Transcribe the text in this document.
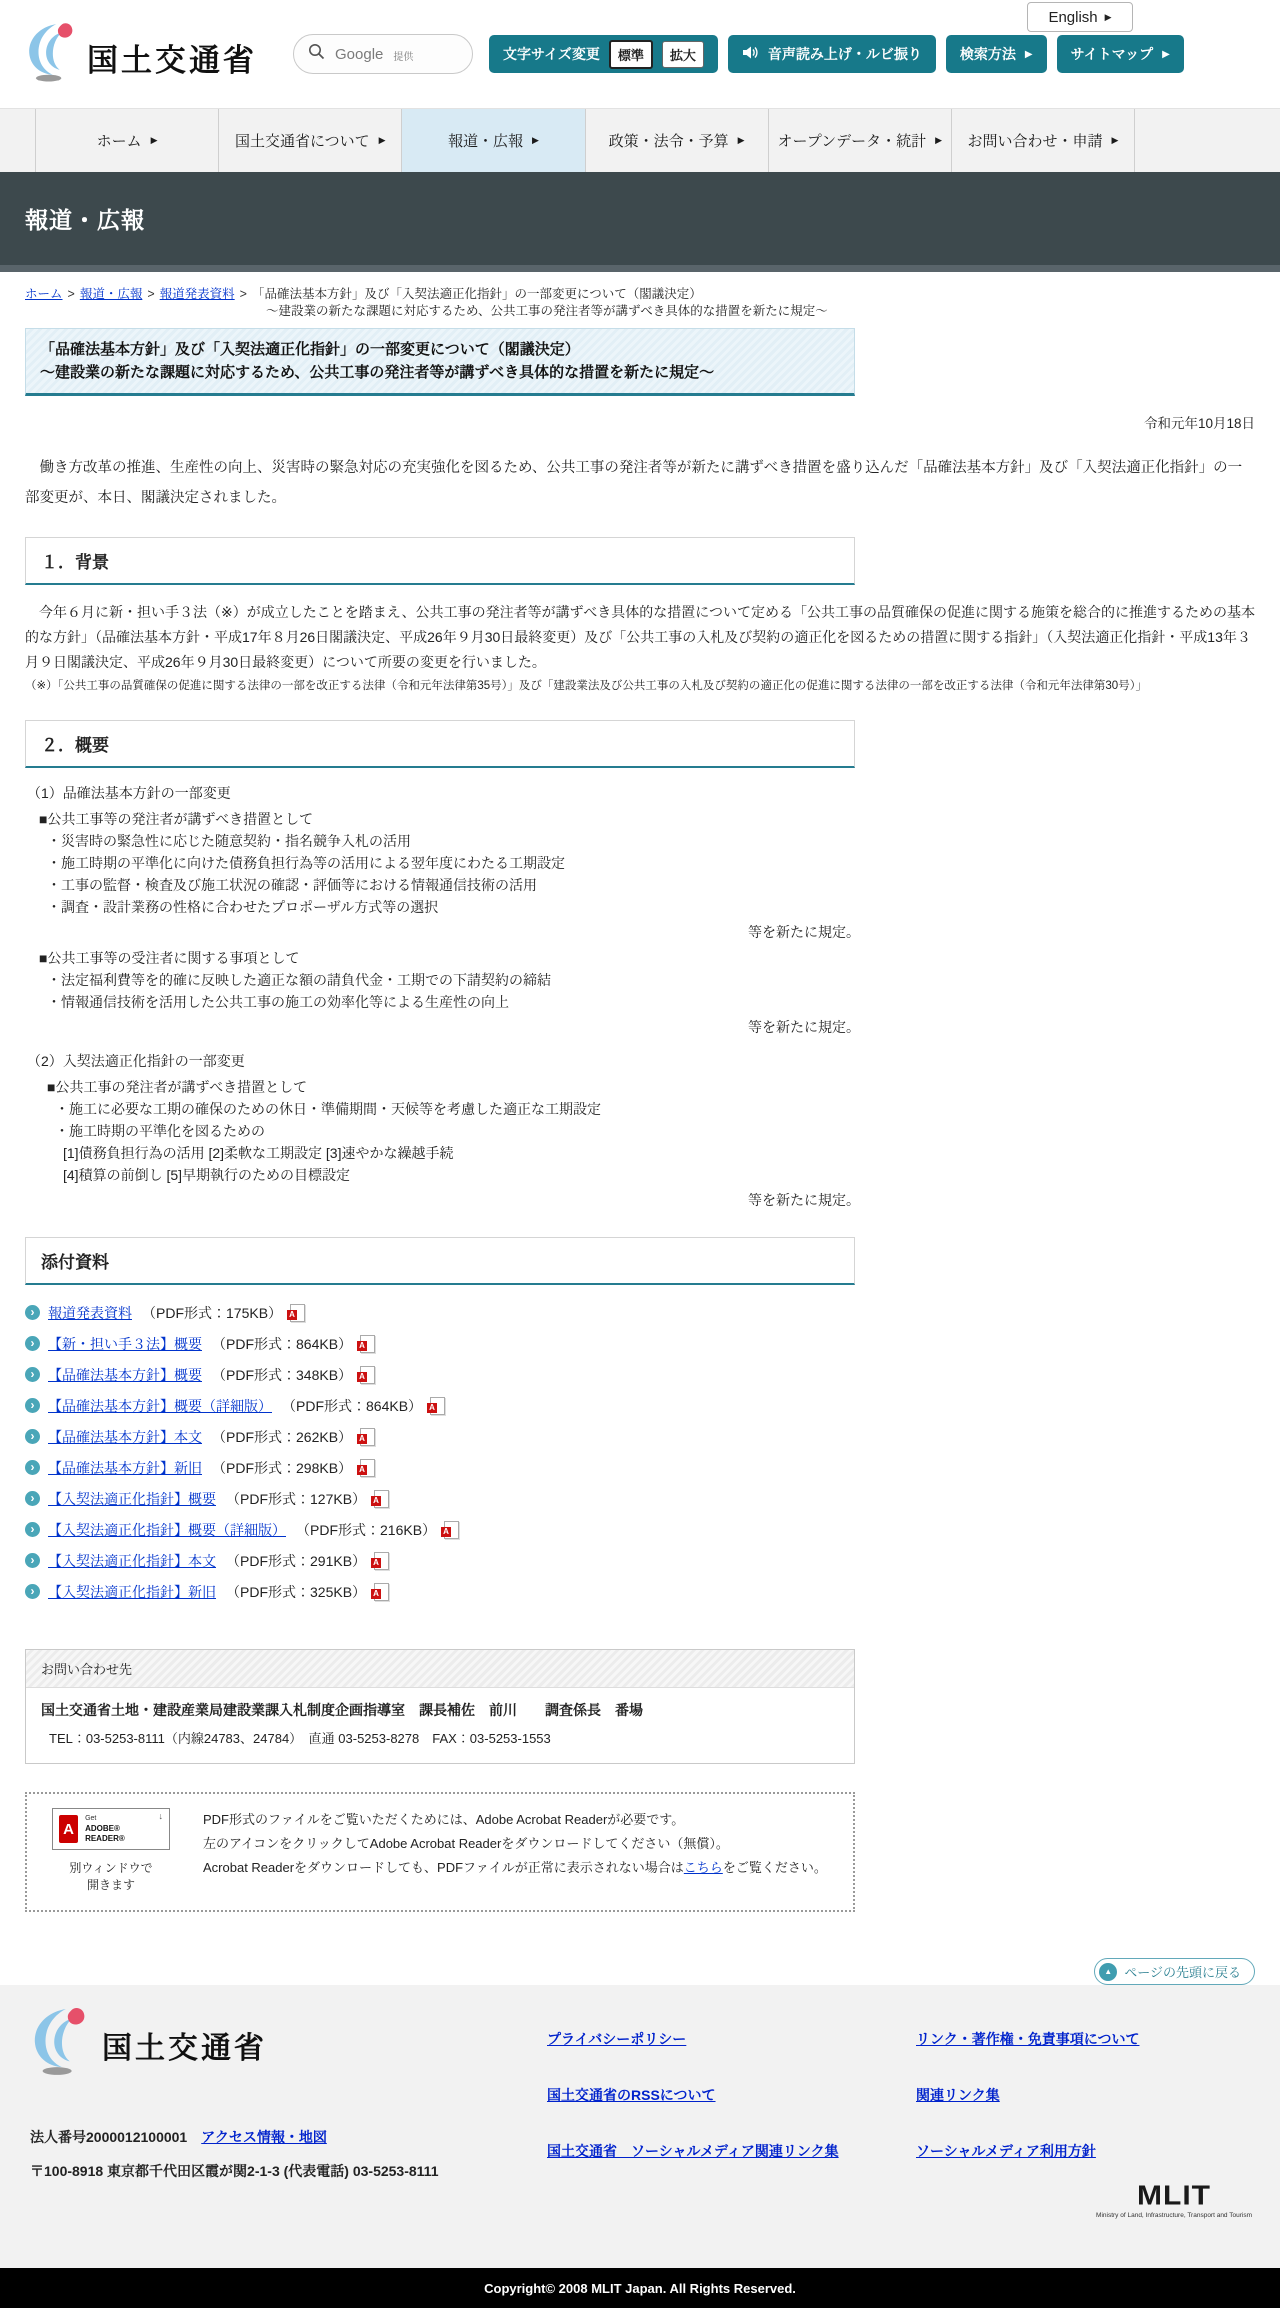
English ▶
国土交通省	Google 提供	文字サイズ変更	標準	拡大	音声読み上げ・ルビ振り	検索方法 ▶	サイトマップ ▶
ホーム ▶	国土交通省について ▶	報道・広報 ▶	政策・法令・予算 ▶ オープンデータ・統計 ▶ お問い合わせ・申請 ▶
報道・広報
ホーム > 報道・広報 > 報道発表資料 > 「品確法基本方針」及び「入契法適正化指針」の一部変更について（閣議決定）
～建設業の新たな課題に対応するため、公共工事の発注者等が講ずべき具体的な措置を新たに規定～
「品確法基本方針」及び「入契法適正化指針」の一部変更について（閣議決定）
～建設業の新たな課題に対応するため、公共工事の発注者等が講ずべき具体的な措置を新たに規定～
令和元年10月18日
　働き方改革の推進、生産性の向上、災害時の緊急対応の充実強化を図るため、公共工事の発注者等が新たに講ずべき措置を盛り込んだ「品確法基本方針」及び「入契法適正化指針」の一部変更が、本日、閣議決定されました。
１．背景
　今年６月に新・担い手３法（※）が成立したことを踏まえ、公共工事の発注者等が講ずべき具体的な措置について定める「公共工事の品質確保の促進に関する施策を総合的に推進するための基本的な方針」（品確法基本方針・平成17年８月26日閣議決定、平成26年９月30日最終変更）及び「公共工事の入札及び契約の適正化を図るための措置に関する指針」（入契法適正化指針・平成13年３月９日閣議決定、平成26年９月30日最終変更）について所要の変更を行いました。
（※）「公共工事の品質確保の促進に関する法律の一部を改正する法律（令和元年法律第35号）」及び「建設業法及び公共工事の入札及び契約の適正化の促進に関する法律の一部を改正する法律（令和元年法律第30号）」
２．概要
（1）品確法基本方針の一部変更
■公共工事等の発注者が講ずべき措置として
・災害時の緊急性に応じた随意契約・指名競争入札の活用
・施工時期の平準化に向けた債務負担行為等の活用による翌年度にわたる工期設定
・工事の監督・検査及び施工状況の確認・評価等における情報通信技術の活用
・調査・設計業務の性格に合わせたプロポーザル方式等の選択
等を新たに規定。
■公共工事等の受注者に関する事項として
・法定福利費等を的確に反映した適正な額の請負代金・工期での下請契約の締結
・情報通信技術を活用した公共工事の施工の効率化等による生産性の向上
等を新たに規定。
（2）入契法適正化指針の一部変更
■公共工事の発注者が講ずべき措置として
・施工に必要な工期の確保のための休日・準備期間・天候等を考慮した適正な工期設定
・施工時期の平準化を図るための
[1]債務負担行為の活用 [2]柔軟な工期設定 [3]速やかな繰越手続
[4]積算の前倒し [5]早期執行のための目標設定
等を新たに規定。
添付資料
›
報道発表資料 （PDF形式：175KB）
A
›
【新・担い手３法】概要 （PDF形式：864KB）
A
›
【品確法基本方針】概要 （PDF形式：348KB）
A
›
【品確法基本方針】概要（詳細版） （PDF形式：864KB）
A
›
【品確法基本方針】本文 （PDF形式：262KB）
A
›
【品確法基本方針】新旧 （PDF形式：298KB）
A
›
【入契法適正化指針】概要 （PDF形式：127KB）
A
›
【入契法適正化指針】概要（詳細版） （PDF形式：216KB）
A
›
【入契法適正化指針】本文 （PDF形式：291KB）
A
›
【入契法適正化指針】新旧 （PDF形式：325KB）
A
お問い合わせ先
国土交通省土地・建設産業局建設業課入札制度企画指導室　課長補佐　前川　　調査係長　番場
TEL：03-5253-8111（内線24783、24784）　直通 03-5253-8278　FAX：03-5253-1553
A
Get
ADOBE® READER®
↓
別ウィンドウで
開きます
PDF形式のファイルをご覧いただくためには、Adobe Acrobat Readerが必要です。
左のアイコンをクリックしてAdobe Acrobat Readerをダウンロードしてください（無償）。
Acrobat Readerをダウンロードしても、PDFファイルが正常に表示されない場合はこちらをご覧ください。
▲ ページの先頭に戻る
国土交通省
法人番号2000012100001 アクセス情報・地図
〒100-8918 東京都千代田区霞が関2-1-3 (代表電話) 03-5253-8111
プライバシーポリシー
国土交通省のRSSについて
国土交通省　ソーシャルメディア関連リンク集
リンク・著作権・免責事項について
関連リンク集
ソーシャルメディア利用方針
MLIT
Ministry of Land, Infrastructure, Transport and Tourism
Copyright© 2008 MLIT Japan. All Rights Reserved.
